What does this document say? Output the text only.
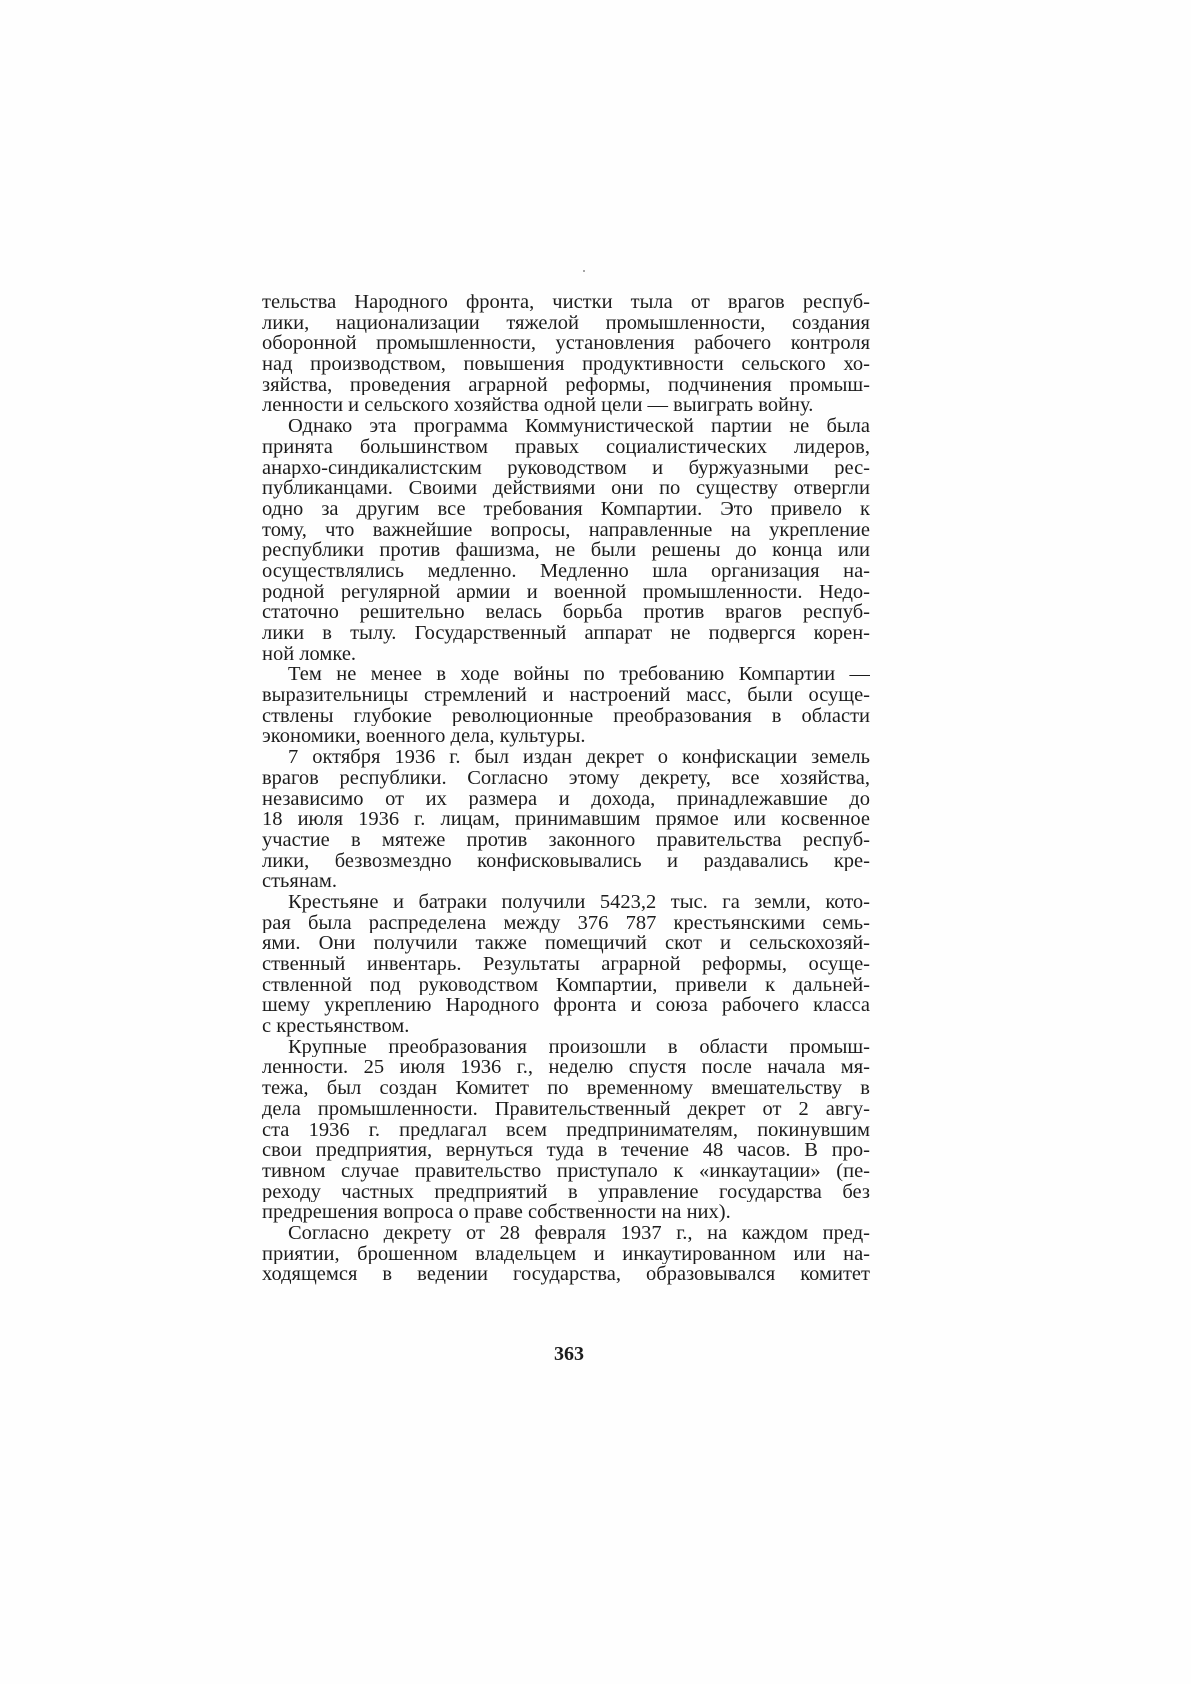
тельства Народного фронта, чистки тыла от врагов респуб-
лики, национализации тяжелой промышленности, создания
оборонной промышленности, установления рабочего контроля
над производством, повышения продуктивности сельского хо-
зяйства, проведения аграрной реформы, подчинения промыш-
ленности и сельского хозяйства одной цели — выиграть войну.
Однако эта программа Коммунистической партии не была
принята большинством правых социалистических лидеров,
анархо-синдикалистским руководством и буржуазными рес-
публиканцами. Своими действиями они по существу отвергли
одно за другим все требования Компартии. Это привело к
тому, что важнейшие вопросы, направленные на укрепление
республики против фашизма, не были решены до конца или
осуществлялись медленно. Медленно шла организация на-
родной регулярной армии и военной промышленности. Недо-
статочно решительно велась борьба против врагов респуб-
лики в тылу. Государственный аппарат не подвергся корен-
ной ломке.
Тем не менее в ходе войны по требованию Компартии —
выразительницы стремлений и настроений масс, были осуще-
ствлены глубокие революционные преобразования в области
экономики, военного дела, культуры.
7 октября 1936 г. был издан декрет о конфискации земель
врагов республики. Согласно этому декрету, все хозяйства,
независимо от их размера и дохода, принадлежавшие до
18 июля 1936 г. лицам, принимавшим прямое или косвенное
участие в мятеже против законного правительства респуб-
лики, безвозмездно конфисковывались и раздавались кре-
стьянам.
Крестьяне и батраки получили 5423,2 тыс. га земли, кото-
рая была распределена между 376 787 крестьянскими семь-
ями. Они получили также помещичий скот и сельскохозяй-
ственный инвентарь. Результаты аграрной реформы, осуще-
ствленной под руководством Компартии, привели к дальней-
шему укреплению Народного фронта и союза рабочего класса
с крестьянством.
Крупные преобразования произошли в области промыш-
ленности. 25 июля 1936 г., неделю спустя после начала мя-
тежа, был создан Комитет по временному вмешательству в
дела промышленности. Правительственный декрет от 2 авгу-
ста 1936 г. предлагал всем предпринимателям, покинувшим
свои предприятия, вернуться туда в течение 48 часов. В про-
тивном случае правительство приступало к «инкаутации» (пе-
реходу частных предприятий в управление государства без
предрешения вопроса о праве собственности на них).
Согласно декрету от 28 февраля 1937 г., на каждом пред-
приятии, брошенном владельцем и инкаутированном или на-
ходящемся в ведении государства, образовывался комитет
363
